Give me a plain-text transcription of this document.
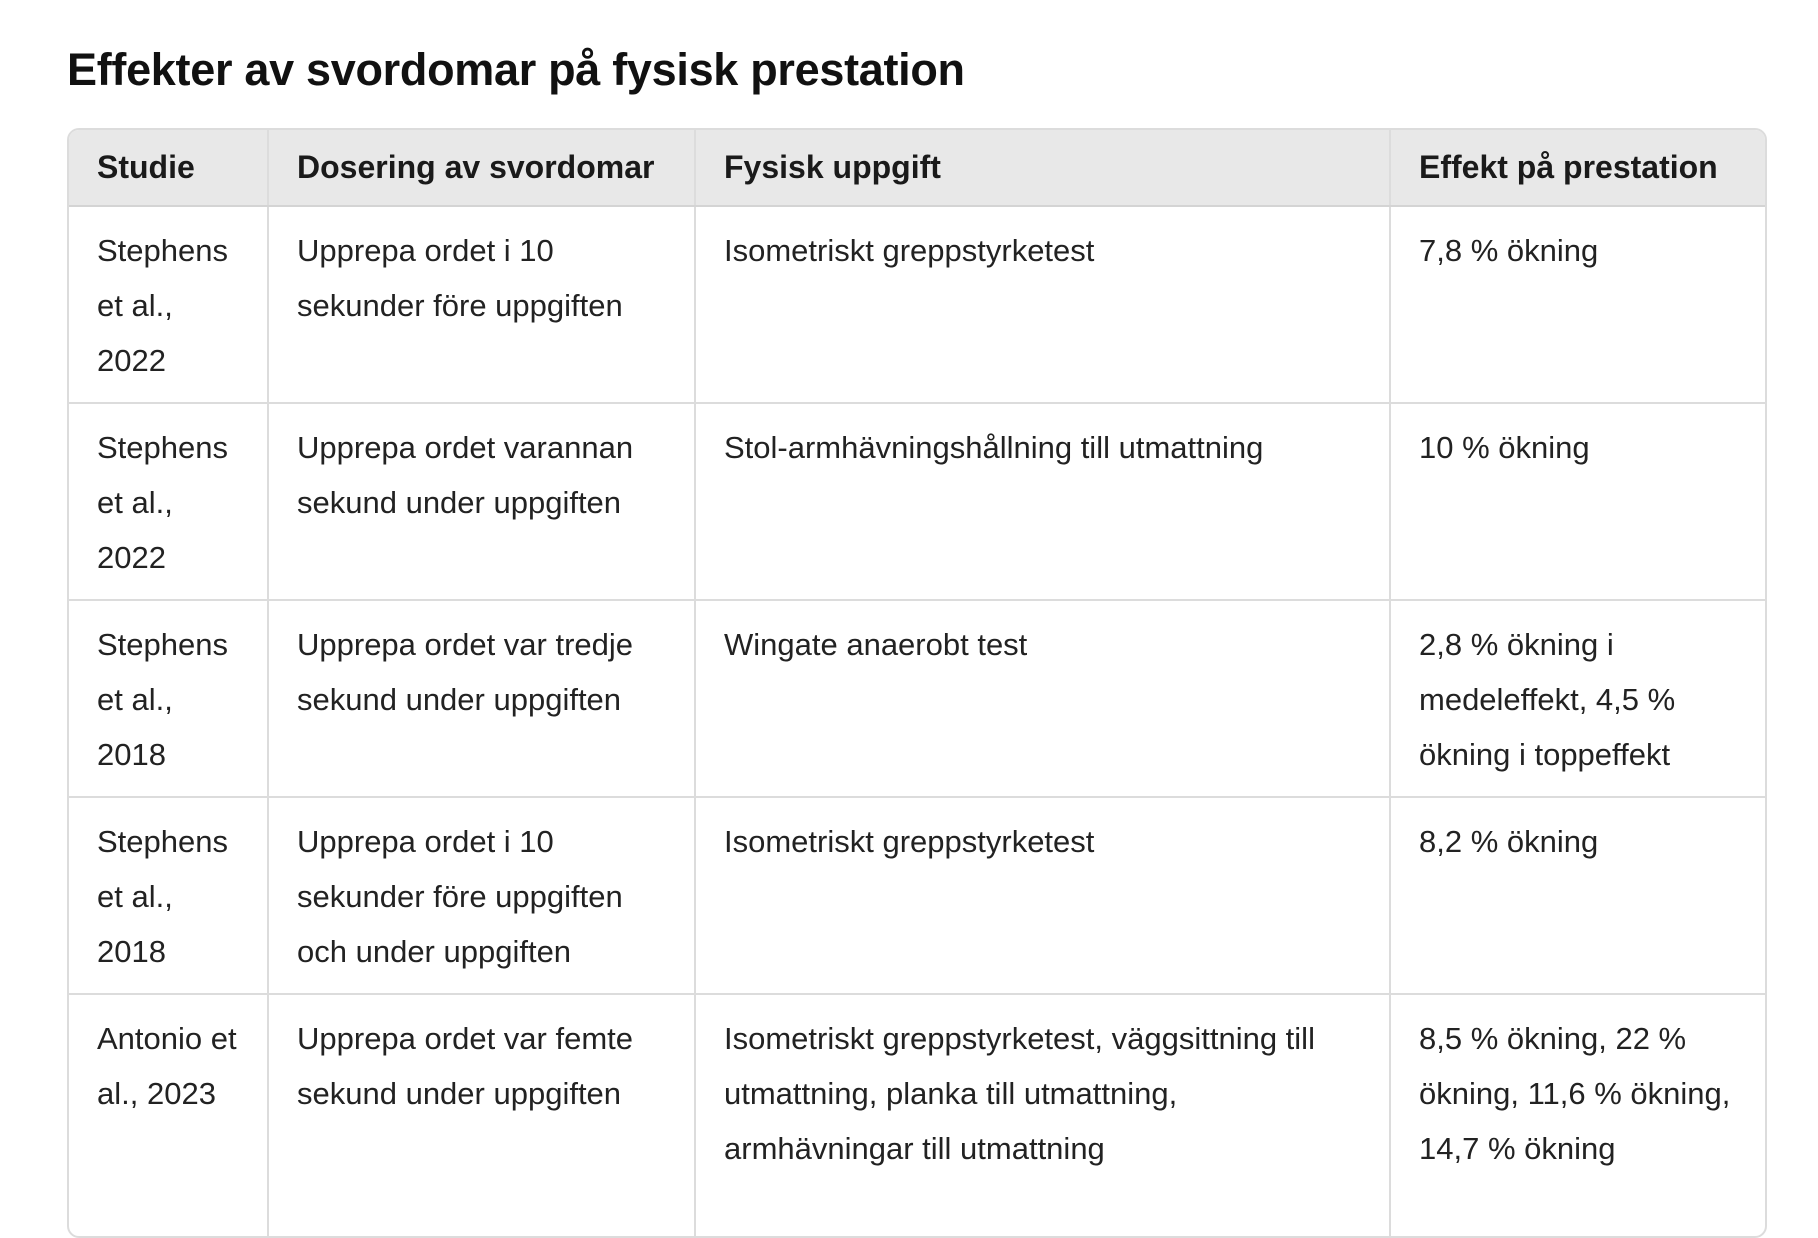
Effekter av svordomar på fysisk prestation
Studie	Dosering av svordomar	Fysisk uppgift	Effekt på prestation
Stephens et al., 2022	Upprepa ordet i 10 sekunder före uppgiften	Isometriskt greppstyrketest	7,8 % ökning
Stephens et al., 2022	Upprepa ordet varannan sekund under uppgiften	Stol-armhävningshållning till utmattning	10 % ökning
Stephens et al., 2018	Upprepa ordet var tredje sekund under uppgiften	Wingate anaerobt test	2,8 % ökning i medeleffekt, 4,5 % ökning i toppeffekt
Stephens et al., 2018	Upprepa ordet i 10 sekunder före uppgiften och under uppgiften	Isometriskt greppstyrketest	8,2 % ökning
Antonio et al., 2023	Upprepa ordet var femte sekund under uppgiften	Isometriskt greppstyrketest, väggsittning till utmattning, planka till utmattning, armhävningar till utmattning	8,5 % ökning, 22 % ökning, 11,6 % ökning, 14,7 % ökning
